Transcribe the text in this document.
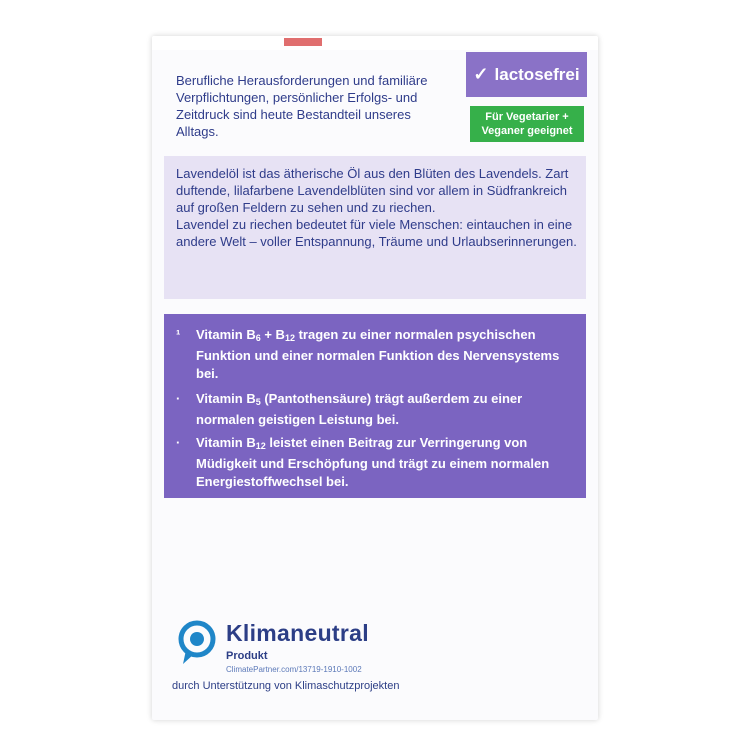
Berufliche Herausforderungen und familiäre Verpflichtungen, persönlicher Erfolgs- und Zeitdruck sind heute Bestandteil unseres Alltags.
✓ lactosefrei
Für Vegetarier +
Veganer geeignet
Lavendelöl ist das ätherische Öl aus den Blüten des Lavendels. Zart duftende, lilafarbene Lavendelblüten sind vor allem in Südfrankreich auf großen Feldern zu sehen und zu riechen.
Lavendel zu riechen bedeutet für viele Menschen: eintauchen in eine andere Welt – voller Entspannung, Träume und Urlaubserinnerungen.
¹	Vitamin $B_6 + B_{12}$ tragen zu einer normalen psychischen Funktion und einer normalen Funktion des Nervensystems bei.
·	Vitamin $B_5$ (Pantothensäure) trägt außerdem zu einer normalen geistigen Leistung bei.
·	Vitamin $B_{12}$ leistet einen Beitrag zur Verringerung von Müdigkeit und Erschöpfung und trägt zu einem normalen Energiestoffwechsel bei.
Klimaneutral
Produkt
ClimatePartner.com/13719-1910-1002
durch Unterstützung von Klimaschutzprojekten
